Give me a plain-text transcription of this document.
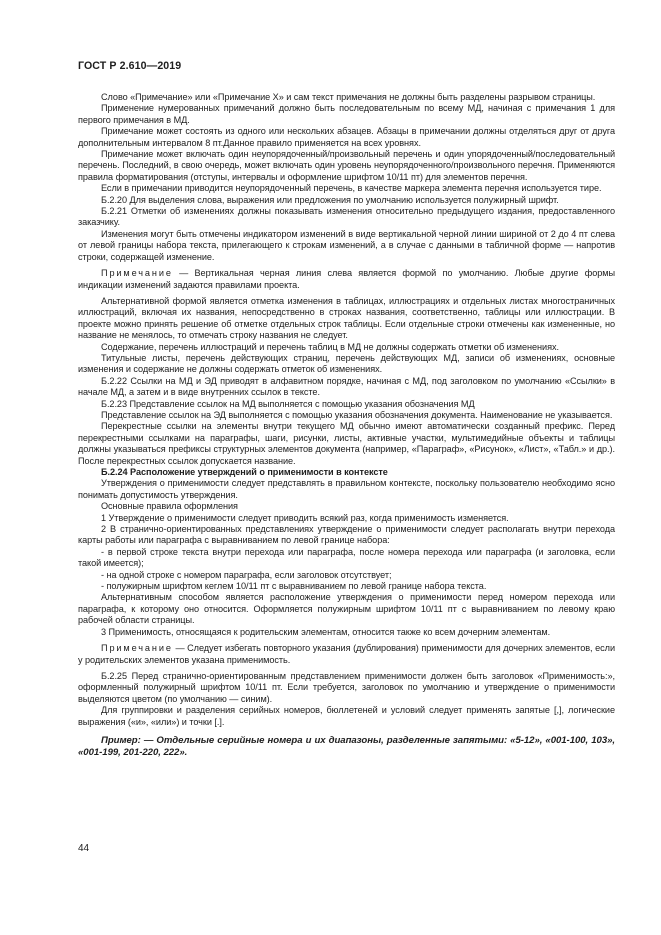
ГОСТ Р 2.610—2019

Слово «Примечание» или «Примечание X» и сам текст примечания не должны быть разделены разрывом страницы.

Применение нумерованных примечаний должно быть последовательным по всему МД, начиная с примечания 1 для первого примечания в МД.

Примечание может состоять из одного или нескольких абзацев. Абзацы в примечании должны отделяться друг от друга дополнительным интервалом 8 пт.Данное правило применяется на всех уровнях.

Примечание может включать один неупорядоченный/произвольный перечень и один упорядоченный/последовательный перечень. Последний, в свою очередь, может включать один уровень неупорядоченного/произвольного перечня. Применяются правила форматирования (отступы, интервалы и оформление шрифтом 10/11 пт) для элементов перечня.

Если в примечании приводится неупорядоченный перечень, в качестве маркера элемента перечня используется тире.

Б.2.20 Для выделения слова, выражения или предложения по умолчанию используется полужирный шрифт.

Б.2.21 Отметки об изменениях должны показывать изменения относительно предыдущего издания, предоставленного заказчику.

Изменения могут быть отмечены индикатором изменений в виде вертикальной черной линии шириной от 2 до 4 пт слева от левой границы набора текста, прилегающего к строкам изменений, а в случае с данными в табличной форме — напротив строки, содержащей изменение.

Примечание — Вертикальная черная линия слева является формой по умолчанию. Любые другие формы индикации изменений задаются правилами проекта.

Альтернативной формой является отметка изменения в таблицах, иллюстрациях и отдельных листах многостраничных иллюстраций, включая их названия, непосредственно в строках названия, соответственно, таблицы или иллюстрации. В проекте можно принять решение об отметке отдельных строк таблицы. Если отдельные строки отмечены как измененные, но название не менялось, то отмечать строку названия не следует.

Содержание, перечень иллюстраций и перечень таблиц в МД не должны содержать отметки об изменениях.

Титульные листы, перечень действующих страниц, перечень действующих МД, записи об изменениях, основные изменения и содержание не должны содержать отметок об изменениях.

Б.2.22 Ссылки на МД и ЭД приводят в алфавитном порядке, начиная с МД, под заголовком по умолчанию «Ссылки» в начале МД, а затем и в виде внутренних ссылок в тексте.

Б.2.23 Представление ссылок на МД выполняется с помощью указания обозначения МД

Представление ссылок на ЭД выполняется с помощью указания обозначения документа. Наименование не указывается.

Перекрестные ссылки на элементы внутри текущего МД обычно имеют автоматически созданный префикс. Перед перекрестными ссылками на параграфы, шаги, рисунки, листы, активные участки, мультимедийные объекты и таблицы должны указываться префиксы структурных элементов документа (например, «Параграф», «Рисунок», «Лист», «Табл.» и др.). После перекрестных ссылок допускается название.

Б.2.24 Расположение утверждений о применимости в контексте

Утверждения о применимости следует представлять в правильном контексте, поскольку пользователю необходимо ясно понимать допустимость утверждения.

Основные правила оформления

1 Утверждение о применимости следует приводить всякий раз, когда применимость изменяется.

2 В странично-ориентированных представлениях утверждение о применимости следует располагать внутри перехода карты работы или параграфа с выравниванием по левой границе набора:

- в первой строке текста внутри перехода или параграфа, после номера перехода или параграфа (и заголовка, если такой имеется);

- на одной строке с номером параграфа, если заголовок отсутствует;

- полужирным шрифтом кеглем 10/11 пт с выравниванием по левой границе набора текста.

Альтернативным способом является расположение утверждения о применимости перед номером перехода или параграфа, к которому оно относится. Оформляется полужирным шрифтом 10/11 пт с выравниванием по левому краю рабочей области страницы.

3 Применимость, относящаяся к родительским элементам, относится также ко всем дочерним элементам.

Примечание — Следует избегать повторного указания (дублирования) применимости для дочерних элементов, если у родительских элементов указана применимость.

Б.2.25 Перед странично-ориентированным представлением применимости должен быть заголовок «Применимость:», оформленный полужирный шрифтом 10/11 пт. Если требуется, заголовок по умолчанию и утверждение о применимости выделяются цветом (по умолчанию — синим).

Для группировки и разделения серийных номеров, бюллетеней и условий следует применять запятые [,], логические выражения («и», «или») и точки [.].

Пример: — Отдельные серийные номера и их диапазоны, разделенные запятыми: «5-12», «001-100, 103», «001-199, 201-220, 222».

44
